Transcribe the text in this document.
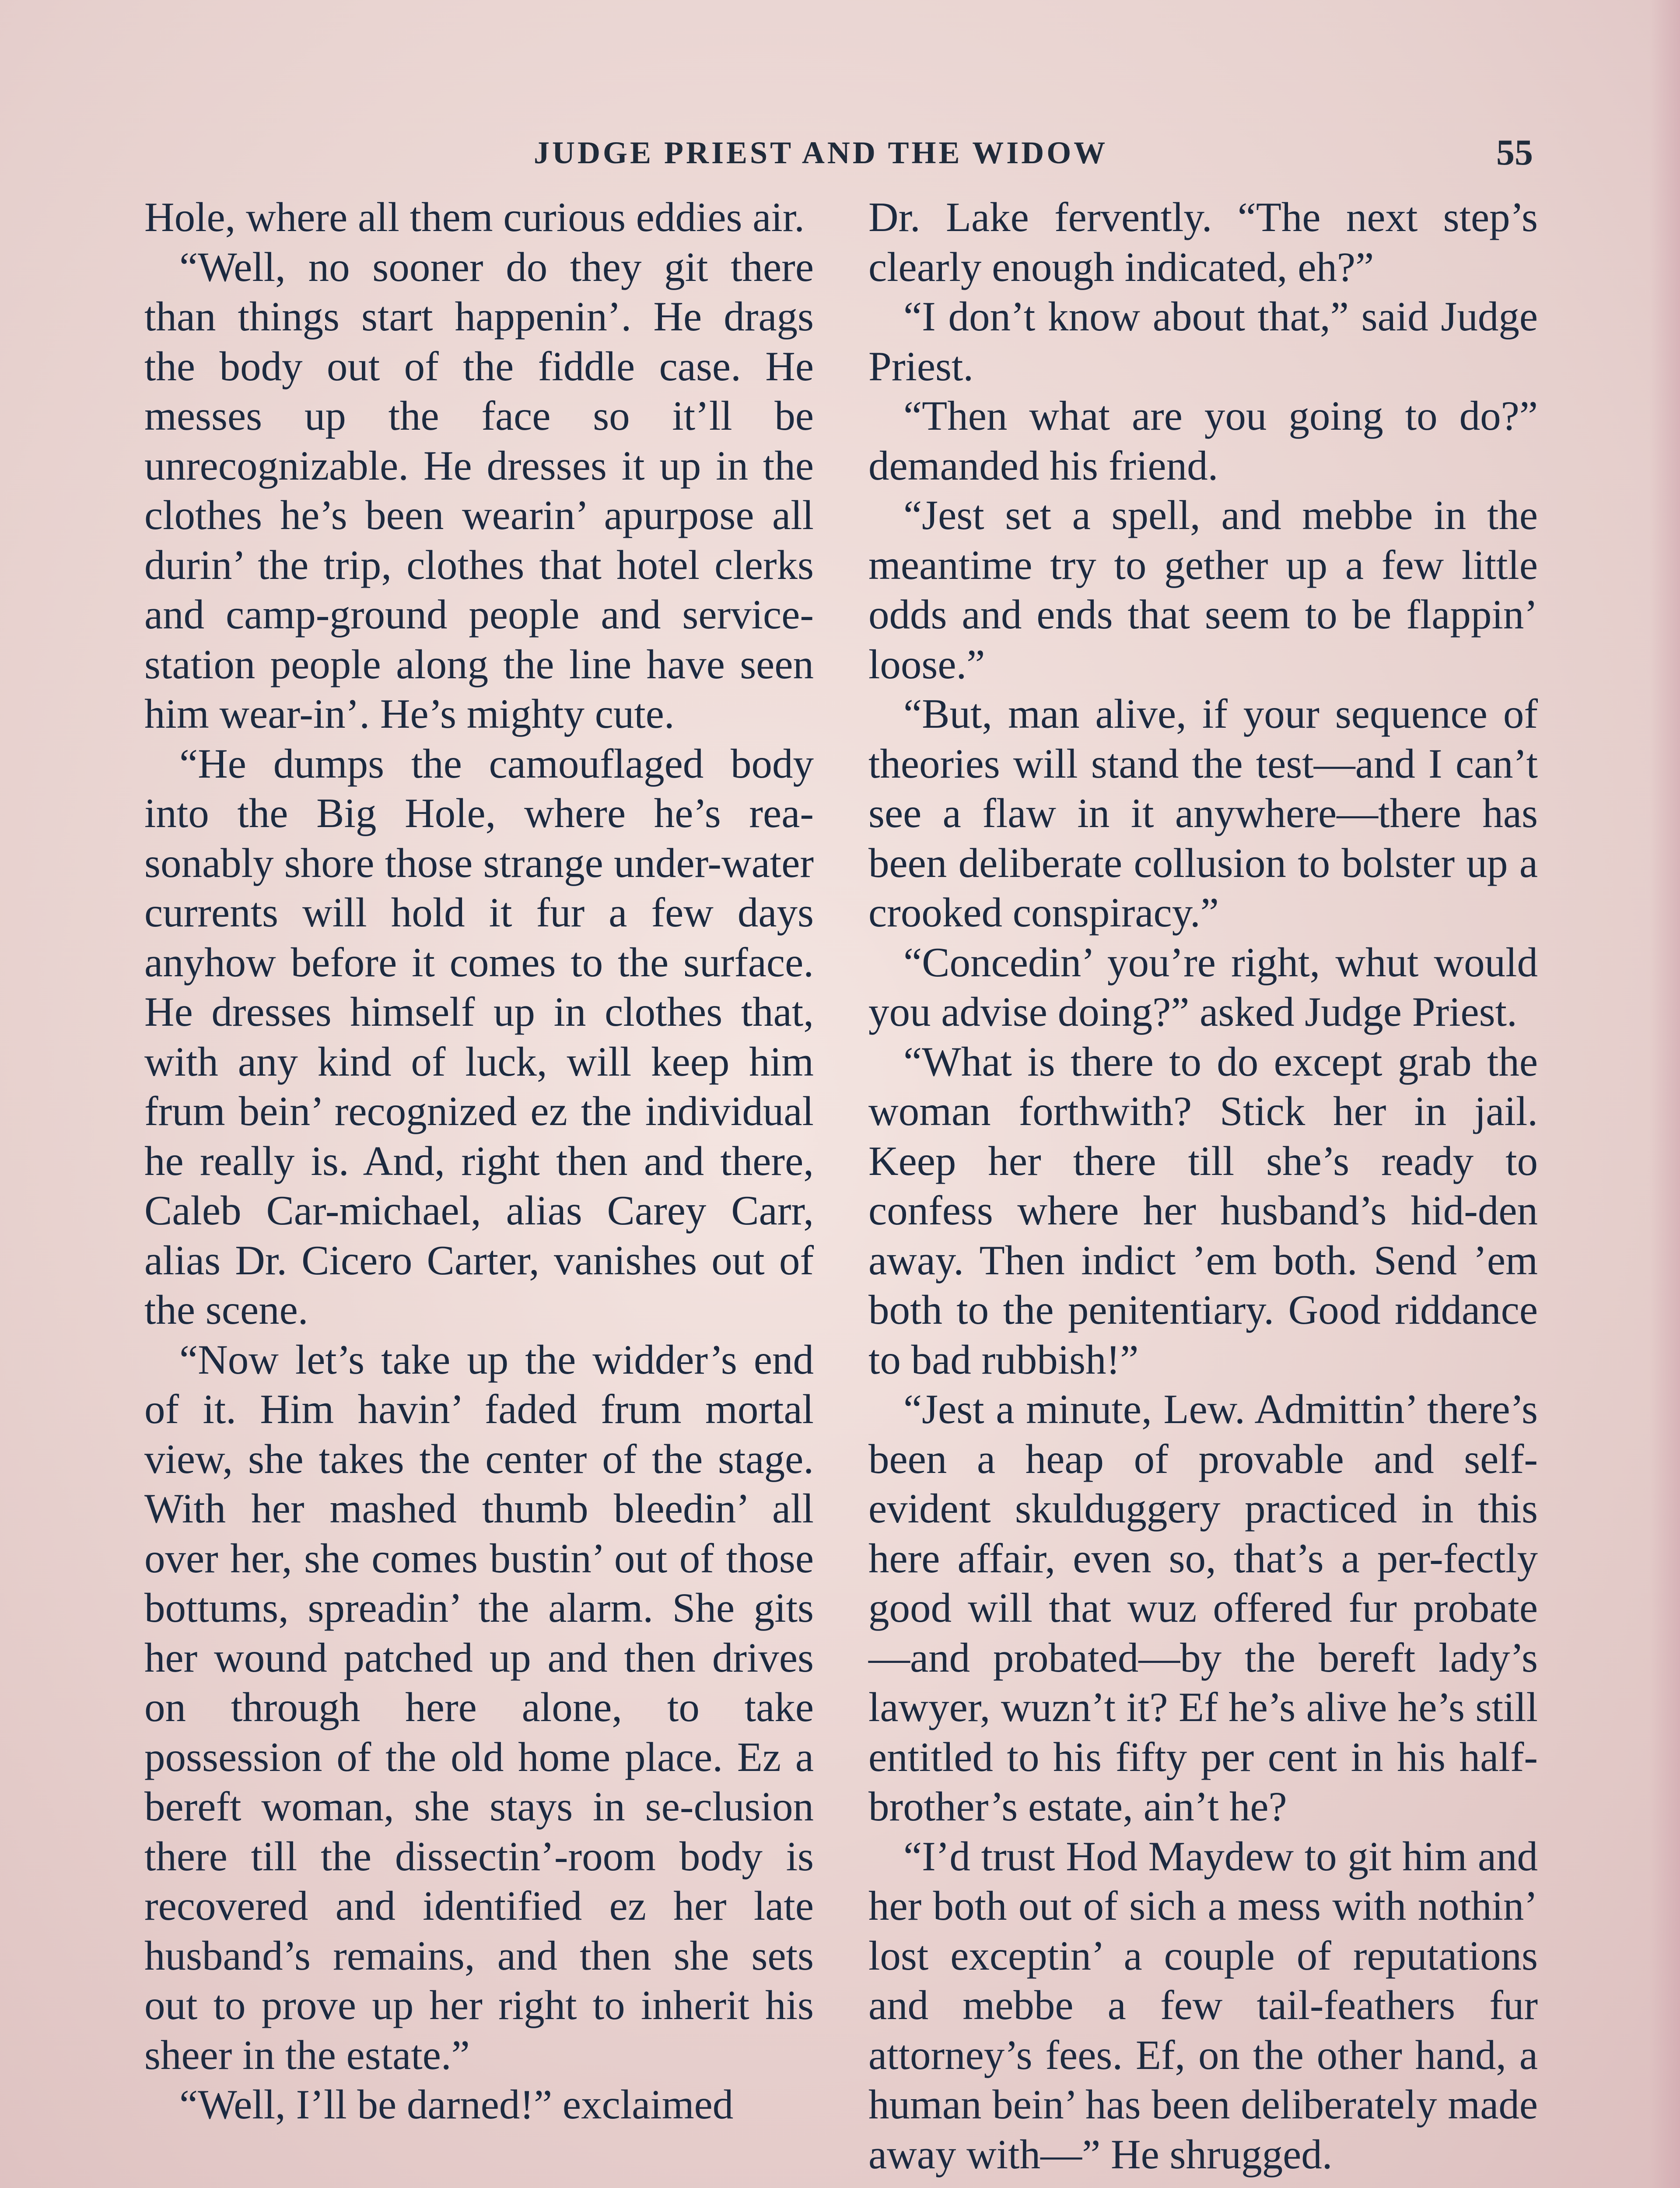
JUDGE PRIEST AND THE WIDOW	55

Hole, where all them curious eddies air.

“Well, no sooner do they git there than things start happenin’. He drags the body out of the fiddle case. He messes up the face so it’ll be unrecognizable. He dresses it up in the clothes he’s been wearin’ apurpose all durin’ the trip, clothes that hotel clerks and camp-ground people and service-station people along the line have seen him wear-in’. He’s mighty cute.

“He dumps the camouflaged body into the Big Hole, where he’s rea-sonably shore those strange under-water currents will hold it fur a few days anyhow before it comes to the surface. He dresses himself up in clothes that, with any kind of luck, will keep him frum bein’ recognized ez the individual he really is. And, right then and there, Caleb Car-michael, alias Carey Carr, alias Dr. Cicero Carter, vanishes out of the scene.

“Now let’s take up the widder’s end of it. Him havin’ faded frum mortal view, she takes the center of the stage. With her mashed thumb bleedin’ all over her, she comes bustin’ out of those bottums, spreadin’ the alarm. She gits her wound patched up and then drives on through here alone, to take possession of the old home place. Ez a bereft woman, she stays in se-clusion there till the dissectin’-room body is recovered and identified ez her late husband’s remains, and then she sets out to prove up her right to inherit his sheer in the estate.”

“Well, I’ll be darned!” exclaimed

Dr. Lake fervently. “The next step’s clearly enough indicated, eh?”

“I don’t know about that,” said Judge Priest.

“Then what are you going to do?” demanded his friend.

“Jest set a spell, and mebbe in the meantime try to gether up a few little odds and ends that seem to be flappin’ loose.”

“But, man alive, if your sequence of theories will stand the test—and I can’t see a flaw in it anywhere—there has been deliberate collusion to bolster up a crooked conspiracy.”

“Concedin’ you’re right, whut would you advise doing?” asked Judge Priest.

“What is there to do except grab the woman forthwith? Stick her in jail. Keep her there till she’s ready to confess where her husband’s hid-den away. Then indict ’em both. Send ’em both to the penitentiary. Good riddance to bad rubbish!”

“Jest a minute, Lew. Admittin’ there’s been a heap of provable and self-evident skulduggery practiced in this here affair, even so, that’s a per-fectly good will that wuz offered fur probate—and probated—by the bereft lady’s lawyer, wuzn’t it? Ef he’s alive he’s still entitled to his fifty per cent in his half-brother’s estate, ain’t he?

“I’d trust Hod Maydew to git him and her both out of sich a mess with nothin’ lost exceptin’ a couple of reputations and mebbe a few tail-feathers fur attorney’s fees. Ef, on the other hand, a human bein’ has been deliberately made away with—” He shrugged.
